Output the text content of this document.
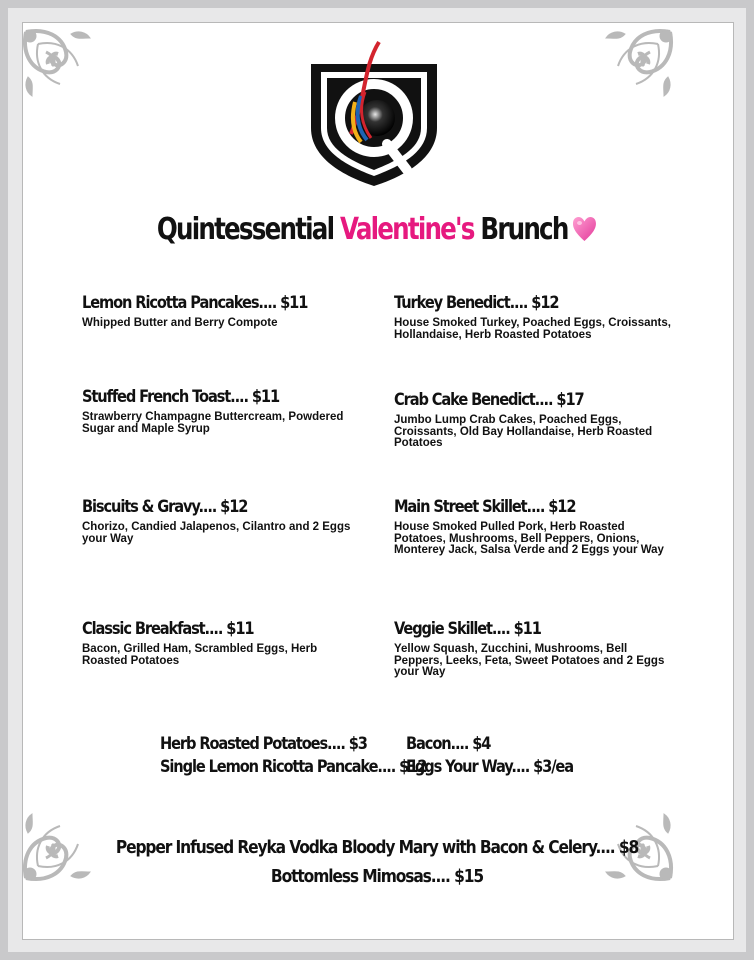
Quintessential Valentine's Brunch
Lemon Ricotta Pancakes.... $11
Whipped Butter and Berry Compote
Stuffed French Toast.... $11
Strawberry Champagne Buttercream, Powdered Sugar and Maple Syrup
Biscuits & Gravy.... $12
Chorizo, Candied Jalapenos, Cilantro and 2 Eggs your Way
Classic Breakfast.... $11
Bacon, Grilled Ham, Scrambled Eggs, Herb Roasted Potatoes
Turkey Benedict.... $12
House Smoked Turkey, Poached Eggs, Croissants, Hollandaise, Herb Roasted Potatoes
Crab Cake Benedict.... $17
Jumbo Lump Crab Cakes, Poached Eggs, Croissants, Old Bay Hollandaise, Herb Roasted Potatoes
Main Street Skillet.... $12
House Smoked Pulled Pork, Herb Roasted Potatoes, Mushrooms, Bell Peppers, Onions, Monterey Jack, Salsa Verde and 2 Eggs your Way
Veggie Skillet.... $11
Yellow Squash, Zucchini, Mushrooms, Bell Peppers, Leeks, Feta, Sweet Potatoes and 2 Eggs your Way
Herb Roasted Potatoes.... $3
Single Lemon Ricotta Pancake.... $12
Bacon.... $4
Eggs Your Way.... $3/ea
Pepper Infused Reyka Vodka Bloody Mary with Bacon & Celery.... $8
Bottomless Mimosas.... $15
